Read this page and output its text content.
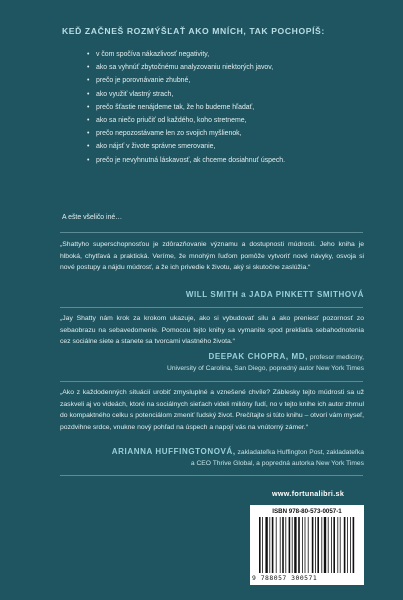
KEĎ ZAČNEŠ ROZMÝŠĽAŤ AKO MNÍCH, TAK POCHOPÍŠ:
• v čom spočíva nákazlivosť negativity,
• ako sa vyhnúť zbytočnému analyzovaniu niektorých javov,
• prečo je porovnávanie zhubné,
• ako využiť vlastný strach,
• prečo šťastie nenájdeme tak, že ho budeme hľadať,
• ako sa niečo priučiť od každého, koho stretneme,
• prečo nepozostávame len zo svojich myšlienok,
• ako nájsť v živote správne smerovanie,
• prečo je nevyhnutná láskavosť, ak chceme dosiahnuť úspech.
A ešte všeličo iné…

„Shattyho superschopnosťou je zdôrazňovanie významu a dostupnosti múdrosti. Jeho kniha je hlboká, chytľavá a praktická. Veríme, že mnohým ľuďom pomôže vytvoriť nové návyky, osvoja si nové postupy a nájdu múdrosť, a že ich privedie k životu, aký si skutočne zaslúžia.“

WILL SMITH a JADA PINKETT SMITHOVÁ

„Jay Shatty nám krok za krokom ukazuje, ako si vybudovať silu a ako preniesť pozornosť zo sebaobrazu na sebavedomenie. Pomocou tejto knihy sa vymanite spod prekliatia sebahodnotenia cez sociálne siete a stanete sa tvorcami vlastného života.“

DEEPAK CHOPRA, MD, profesor mediciny,
University of Carolina, San Diego, popredný autor New York Times

„Ako z každodenných situácií urobiť zmysluplné a vznešené chvíle? Záblesky tejto múdrosti sa už zaskveli aj vo videách, ktoré na sociálnych sieťach videli milióny ľudí, no v tejto knihe ich autor zhrnul do kompaktného celku s potenciálom zmeniť ľudský život. Prečítajte si túto knihu – otvorí vám myseľ, pozdvihne srdce, vnukne nový pohľad na úspech a napojí vás na vnútorný zámer.“

ARIANNA HUFFINGTONOVÁ, zakladateľka Huffington Post, zakladateľka
a CEO Thrive Global, a popredná autorka New York Times
www.fortunalibri.sk
ISBN 978-80-573-0057-1
9 788057 300571
